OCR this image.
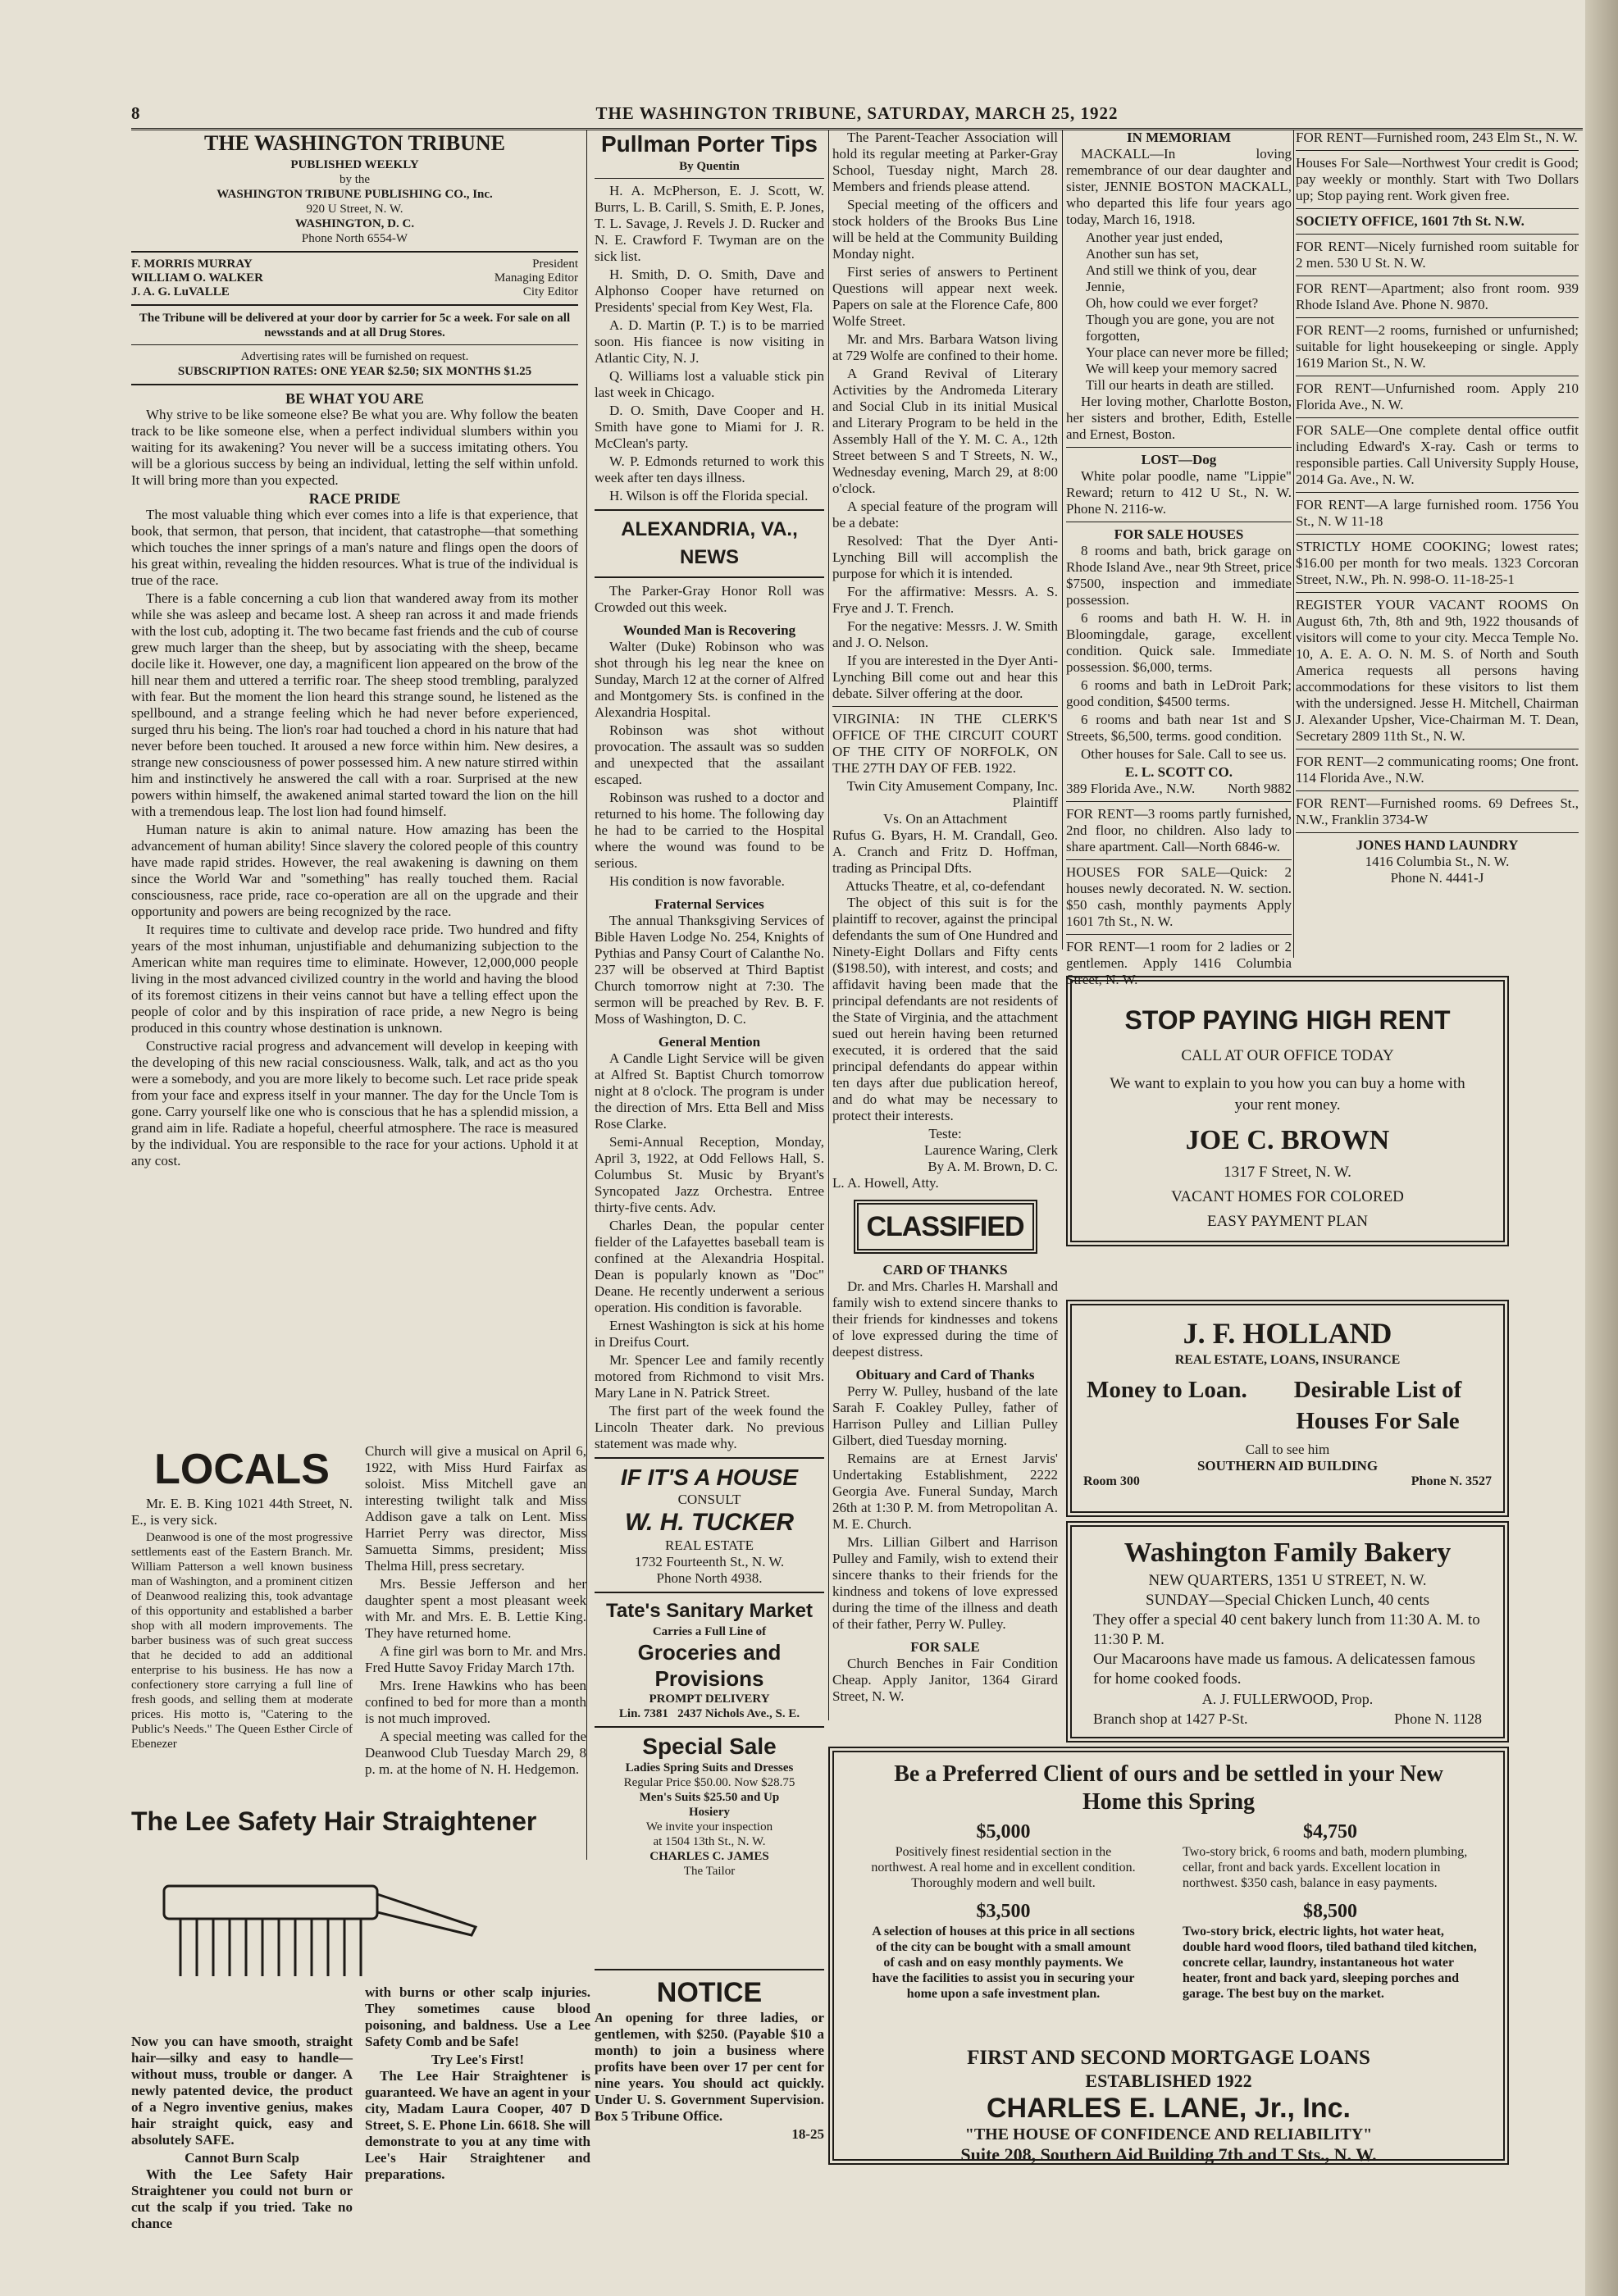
8	THE WASHINGTON TRIBUNE, SATURDAY, MARCH 25, 1922
THE WASHINGTON TRIBUNE
PUBLISHED WEEKLY
by the
WASHINGTON TRIBUNE PUBLISHING CO., Inc.
920 U Street, N. W.
WASHINGTON, D. C.
Phone North 6554-W
F. MORRIS MURRAY	President
WILLIAM O. WALKER	Managing Editor
J. A. G. LuVALLE	City Editor
The Tribune will be delivered at your door by carrier for 5c a week. For sale on all newsstands and at all Drug Stores.
Advertising rates will be furnished on request.
SUBSCRIPTION RATES: ONE YEAR $2.50; SIX MONTHS $1.25
BE WHAT YOU ARE

Why strive to be like someone else? Be what you are. Why follow the beaten track to be like someone else, when a perfect individual slumbers within you waiting for its awakening? You never will be a success imitating others. You will be a glorious success by being an individual, letting the self within unfold. It will bring more than you expected.

RACE PRIDE

The most valuable thing which ever comes into a life is that experience, that book, that sermon, that person, that incident, that catastrophe—that something which touches the inner springs of a man's nature and flings open the doors of his great within, revealing the hidden resources. What is true of the individual is true of the race.

There is a fable concerning a cub lion that wandered away from its mother while she was asleep and became lost. A sheep ran across it and made friends with the lost cub, adopting it. The two became fast friends and the cub of course grew much larger than the sheep, but by associating with the sheep, became docile like it. However, one day, a magnificent lion appeared on the brow of the hill near them and uttered a terrific roar. The sheep stood trembling, paralyzed with fear. But the moment the lion heard this strange sound, he listened as the spellbound, and a strange feeling which he had never before experienced, surged thru his being. The lion's roar had touched a chord in his nature that had never before been touched. It aroused a new force within him. New desires, a strange new consciousness of power possessed him. A new nature stirred within him and instinctively he answered the call with a roar. Surprised at the new powers within himself, the awakened animal started toward the lion on the hill with a tremendous leap. The lost lion had found himself.

Human nature is akin to animal nature. How amazing has been the advancement of human ability! Since slavery the colored people of this country have made rapid strides. However, the real awakening is dawning on them since the World War and "something" has really touched them. Racial consciousness, race pride, race co-operation are all on the upgrade and their opportunity and powers are being recognized by the race.

It requires time to cultivate and develop race pride. Two hundred and fifty years of the most inhuman, unjustifiable and dehumanizing subjection to the American white man requires time to eliminate. However, 12,000,000 people living in the most advanced civilized country in the world and having the blood of its foremost citizens in their veins cannot but have a telling effect upon the people of color and by this inspiration of race pride, a new Negro is being produced in this country whose destination is unknown.

Constructive racial progress and advancement will develop in keeping with the developing of this new racial consciousness. Walk, talk, and act as tho you were a somebody, and you are more likely to become such. Let race pride speak from your face and express itself in your manner. The day for the Uncle Tom is gone. Carry yourself like one who is conscious that he has a splendid mission, a grand aim in life. Radiate a hopeful, cheerful atmosphere. The race is measured by the individual. You are responsible to the race for your actions. Uphold it at any cost.

LOCALS

Mr. E. B. King 1021 44th Street, N. E., is very sick.

Deanwood is one of the most progressive settlements east of the Eastern Branch. Mr. William Patterson a well known business man of Washington, and a prominent citizen of Deanwood realizing this, took advantage of this opportunity and established a barber shop with all modern improvements. The barber business was of such great success that he decided to add an additional enterprise to his business. He has now a confectionery store carrying a full line of fresh goods, and selling them at moderate prices. His motto is, "Catering to the Public's Needs." The Queen Esther Circle of Ebenezer

Church will give a musical on April 6, 1922, with Miss Hurd Fairfax as soloist. Miss Mitchell gave an interesting twilight talk and Miss Addison gave a talk on Lent. Miss Harriet Perry was director, Miss Samuetta Simms, president; Miss Thelma Hill, press secretary.

Mrs. Bessie Jefferson and her daughter spent a most pleasant week with Mr. and Mrs. E. B. Lettie King. They have returned home.

A fine girl was born to Mr. and Mrs. Fred Hutte Savoy Friday March 17th.

Mrs. Irene Hawkins who has been confined to bed for more than a month is not much improved.

A special meeting was called for the Deanwood Club Tuesday March 29, 8 p. m. at the home of N. H. Hedgemon.

The Lee Safety Hair Straightener

Now you can have smooth, straight hair—silky and easy to handle—without muss, trouble or danger. A newly patented device, the product of a Negro inventive genius, makes hair straight quick, easy and absolutely SAFE.

Cannot Burn Scalp

With the Lee Safety Hair Straightener you could not burn or cut the scalp if you tried. Take no chance

with burns or other scalp injuries. They sometimes cause blood poisoning, and baldness. Use a Lee Safety Comb and be Safe!

Try Lee's First!

The Lee Hair Straightener is guaranteed. We have an agent in your city, Madam Laura Cooper, 407 D Street, S. E. Phone Lin. 6618. She will demonstrate to you at any time with Lee's Hair Straightener and preparations.

Pullman Porter Tips
By Quentin

H. A. McPherson, E. J. Scott, W. Burrs, L. B. Carill, S. Smith, E. P. Jones, T. L. Savage, J. Revels J. D. Rucker and N. E. Crawford F. Twyman are on the sick list.

H. Smith, D. O. Smith, Dave and Alphonso Cooper have returned on Presidents' special from Key West, Fla.

A. D. Martin (P. T.) is to be married soon. His fiancee is now visiting in Atlantic City, N. J.

Q. Williams lost a valuable stick pin last week in Chicago.

D. O. Smith, Dave Cooper and H. Smith have gone to Miami for J. R. McClean's party.

W. P. Edmonds returned to work this week after ten days illness.

H. Wilson is off the Florida special.

ALEXANDRIA, VA., NEWS

The Parker-Gray Honor Roll was Crowded out this week.

Wounded Man is Recovering

Walter (Duke) Robinson who was shot through his leg near the knee on Sunday, March 12 at the corner of Alfred and Montgomery Sts. is confined in the Alexandria Hospital.

Robinson was shot without provocation. The assault was so sudden and unexpected that the assailant escaped.

Robinson was rushed to a doctor and returned to his home. The following day he had to be carried to the Hospital where the wound was found to be serious.

His condition is now favorable.

Fraternal Services

The annual Thanksgiving Services of Bible Haven Lodge No. 254, Knights of Pythias and Pansy Court of Calanthe No. 237 will be observed at Third Baptist Church tomorrow night at 7:30. The sermon will be preached by Rev. B. F. Moss of Washington, D. C.

General Mention

A Candle Light Service will be given at Alfred St. Baptist Church tomorrow night at 8 o'clock. The program is under the direction of Mrs. Etta Bell and Miss Rose Clarke.

Semi-Annual Reception, Monday, April 3, 1922, at Odd Fellows Hall, S. Columbus St. Music by Bryant's Syncopated Jazz Orchestra. Entree thirty-five cents. Adv.

Charles Dean, the popular center fielder of the Lafayettes baseball team is confined at the Alexandria Hospital. Dean is popularly known as "Doc" Deane. He recently underwent a serious operation. His condition is favorable.

Ernest Washington is sick at his home in Dreifus Court.

Mr. Spencer Lee and family recently motored from Richmond to visit Mrs. Mary Lane in N. Patrick Street.

The first part of the week found the Lincoln Theater dark. No previous statement was made why.

IF IT'S A HOUSE
CONSULT
W. H. TUCKER
REAL ESTATE
1732 Fourteenth St., N. W.
Phone North 4938.
Tate's Sanitary Market
Carries a Full Line of
Groceries and Provisions
PROMPT DELIVERY
Lin. 7381 2437 Nichols Ave., S. E.
Special Sale
Ladies Spring Suits and Dresses
Regular Price $50.00. Now $28.75
Men's Suits $25.50 and Up
Hosiery
We invite your inspection
at 1504 13th St., N. W.
CHARLES C. JAMES
The Tailor
NOTICE

An opening for three ladies, or gentlemen, with $250. (Payable $10 a month) to join a business where profits have been over 17 per cent for nine years. You should act quickly. Under U. S. Government Supervision. Box 5 Tribune Office.

18-25

The Parent-Teacher Association will hold its regular meeting at Parker-Gray School, Tuesday night, March 28. Members and friends please attend.

Special meeting of the officers and stock holders of the Brooks Bus Line will be held at the Community Building Monday night.

First series of answers to Pertinent Questions will appear next week. Papers on sale at the Florence Cafe, 800 Wolfe Street.

Mr. and Mrs. Barbara Watson living at 729 Wolfe are confined to their home.

A Grand Revival of Literary Activities by the Andromeda Literary and Social Club in its initial Musical and Literary Program to be held in the Assembly Hall of the Y. M. C. A., 12th Street between S and T Streets, N. W., Wednesday evening, March 29, at 8:00 o'clock.

A special feature of the program will be a debate:

Resolved: That the Dyer Anti-Lynching Bill will accomplish the purpose for which it is intended.

For the affirmative: Messrs. A. S. Frye and J. T. French.

For the negative: Messrs. J. W. Smith and J. O. Nelson.

If you are interested in the Dyer Anti-Lynching Bill come out and hear this debate. Silver offering at the door.

VIRGINIA: IN THE CLERK'S OFFICE OF THE CIRCUIT COURT OF THE CITY OF NORFOLK, ON THE 27TH DAY OF FEB. 1922.

Twin City Amusement Company, Inc. Plaintiff
Vs. On an Attachment

Rufus G. Byars, H. M. Crandall, Geo. A. Cranch and Fritz D. Hoffman, trading as Principal Dfts.

Attucks Theatre, et al, co-defendant

The object of this suit is for the plaintiff to recover, against the principal defendants the sum of One Hundred and Ninety-Eight Dollars and Fifty cents ($198.50), with interest, and costs; and affidavit having been made that the principal defendants are not residents of the State of Virginia, and the attachment sued out herein having been returned executed, it is ordered that the said principal defendants do appear within ten days after due publication hereof, and do what may be necessary to protect their interests.

Teste:
Laurence Waring, Clerk
By A. M. Brown, D. C.
L. A. Howell, Atty.
CLASSIFIED
CARD OF THANKS

Dr. and Mrs. Charles H. Marshall and family wish to extend sincere thanks to their friends for kindnesses and tokens of love expressed during the time of deepest distress.

Obituary and Card of Thanks

Perry W. Pulley, husband of the late Sarah F. Coakley Pulley, father of Harrison Pulley and Lillian Pulley Gilbert, died Tuesday morning.

Remains are at Ernest Jarvis' Undertaking Establishment, 2222 Georgia Ave. Funeral Sunday, March 26th at 1:30 P. M. from Metropolitan A. M. E. Church.

Mrs. Lillian Gilbert and Harrison Pulley and Family, wish to extend their sincere thanks to their friends for the kindness and tokens of love expressed during the time of the illness and death of their father, Perry W. Pulley.

FOR SALE

Church Benches in Fair Condition Cheap. Apply Janitor, 1364 Girard Street, N. W.

IN MEMORIAM

MACKALL—In loving remembrance of our dear daughter and sister, JENNIE BOSTON MACKALL, who departed this life four years ago today, March 16, 1918.

Another year just ended,
Another sun has set,
And still we think of you, dear Jennie,
Oh, how could we ever forget?
Though you are gone, you are not forgotten,
Your place can never more be filled;
We will keep your memory sacred
Till our hearts in death are stilled.

Her loving mother, Charlotte Boston, her sisters and brother, Edith, Estelle and Ernest, Boston.

LOST—Dog

White polar poodle, name "Lippie" Reward; return to 412 U St., N. W. Phone N. 2116-w.

FOR SALE HOUSES

8 rooms and bath, brick garage on Rhode Island Ave., near 9th Street, price $7500, inspection and immediate possession.

6 rooms and bath H. W. H. in Bloomingdale, garage, excellent condition. Quick sale. Immediate possession. $6,000, terms.

6 rooms and bath in LeDroit Park; good condition, $4500 terms.

6 rooms and bath near 1st and S Streets, $6,500, terms. good condition.

Other houses for Sale. Call to see us.

E. L. SCOTT CO.
389 Florida Ave., N.W. North 9882

FOR RENT—3 rooms partly furnished, 2nd floor, no children. Also lady to share apartment. Call—North 6846-w.

HOUSES FOR SALE—Quick: 2 houses newly decorated. N. W. section. $50 cash, monthly payments Apply 1601 7th St., N. W.

FOR RENT—1 room for 2 ladies or 2 gentlemen. Apply 1416 Columbia Street, N. W.

FOR RENT—Furnished room, 243 Elm St., N. W.

Houses For Sale—Northwest Your credit is Good; pay weekly or monthly. Start with Two Dollars up; Stop paying rent. Work given free.

SOCIETY OFFICE, 1601 7th St. N.W.

FOR RENT—Nicely furnished room suitable for 2 men. 530 U St. N. W.

FOR RENT—Apartment; also front room. 939 Rhode Island Ave. Phone N. 9870.

FOR RENT—2 rooms, furnished or unfurnished; suitable for light housekeeping or single. Apply 1619 Marion St., N. W.

FOR RENT—Unfurnished room. Apply 210 Florida Ave., N. W.

FOR SALE—One complete dental office outfit including Edward's X-ray. Cash or terms to responsible parties. Call University Supply House, 2014 Ga. Ave., N. W.

FOR RENT—A large furnished room. 1756 You St., N. W 11-18

STRICTLY HOME COOKING; lowest rates; $16.00 per month for two meals. 1323 Corcoran Street, N.W., Ph. N. 998-O. 11-18-25-1

REGISTER YOUR VACANT ROOMS On August 6th, 7th, 8th and 9th, 1922 thousands of visitors will come to your city. Mecca Temple No. 10, A. E. A. O. N. M. S. of North and South America requests all persons having accommodations for these visitors to list them with the undersigned. Jesse H. Mitchell, Chairman J. Alexander Upsher, Vice-Chairman M. T. Dean, Secretary 2809 11th St., N. W.

FOR RENT—2 communicating rooms; One front. 114 Florida Ave., N.W.

FOR RENT—Furnished rooms. 69 Defrees St., N.W., Franklin 3734-W

JONES HAND LAUNDRY
1416 Columbia St., N. W.
Phone N. 4441-J
STOP PAYING HIGH RENT
CALL AT OUR OFFICE TODAY
We want to explain to you how you can buy a home with your rent money.
JOE C. BROWN
1317 F Street, N. W.
VACANT HOMES FOR COLORED
EASY PAYMENT PLAN
J. F. HOLLAND
REAL ESTATE, LOANS, INSURANCE
Money to Loan. Desirable List of Houses For Sale
Call to see him
SOUTHERN AID BUILDING
Room 300	Phone N. 3527
Washington Family Bakery
NEW QUARTERS, 1351 U STREET, N. W.
SUNDAY—Special Chicken Lunch, 40 cents
They offer a special 40 cent bakery lunch from 11:30 A. M. to 11:30 P. M.
Our Macaroons have made us famous. A delicatessen famous for home cooked foods.
A. J. FULLERWOOD, Prop.
Branch shop at 1427 P-St.	Phone N. 1128
Be a Preferred Client of ours and be settled in your New Home this Spring
$5,000
Positively finest residential section in the northwest. A real home and in excellent condition. Thoroughly modern and well built.
$3,500
A selection of houses at this price in all sections of the city can be bought with a small amount of cash and on easy monthly payments. We have the facilities to assist you in securing your home upon a safe investment plan.
$4,750
Two-story brick, 6 rooms and bath, modern plumbing, cellar, front and back yards. Excellent location in northwest. $350 cash, balance in easy payments.
$8,500
Two-story brick, electric lights, hot water heat, double hard wood floors, tiled bathand tiled kitchen, concrete cellar, laundry, instantaneous hot water heater, front and back yard, sleeping porches and garage. The best buy on the market.
FIRST AND SECOND MORTGAGE LOANS
ESTABLISHED 1922
CHARLES E. LANE, Jr., Inc.
"THE HOUSE OF CONFIDENCE AND RELIABILITY"
Suite 208, Southern Aid Building 7th and T Sts., N. W.
